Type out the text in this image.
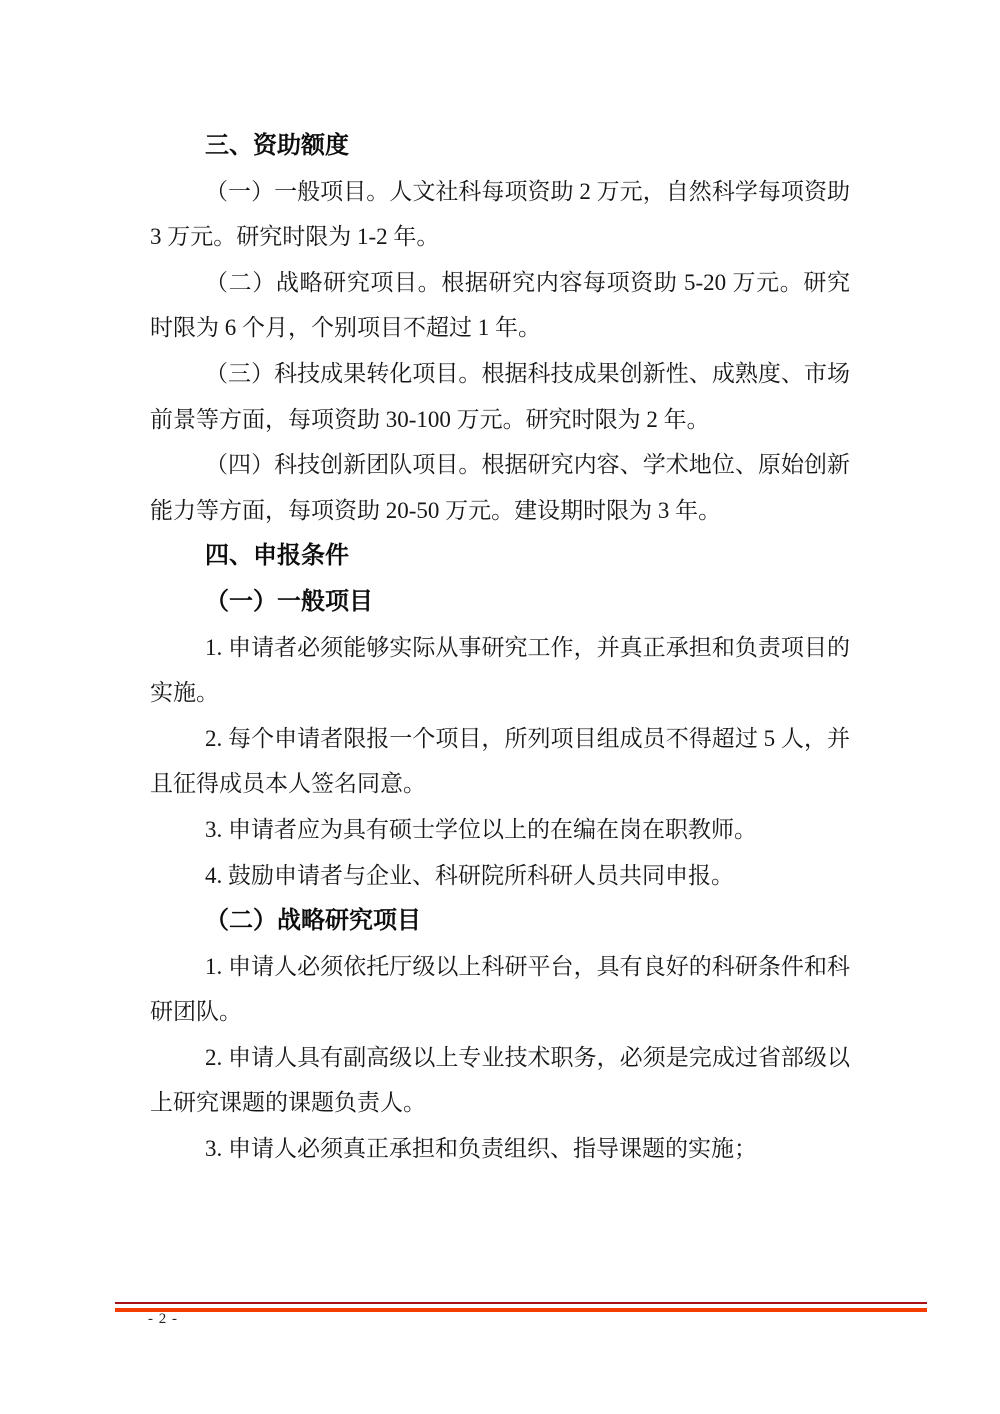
三、资助额度

（一）一般项目。人文社科每项资助 2 万元，自然科学每项资助 3 万元。研究时限为 1-2 年。

（二）战略研究项目。根据研究内容每项资助 5-20 万元。研究时限为 6 个月，个别项目不超过 1 年。

（三）科技成果转化项目。根据科技成果创新性、成熟度、市场前景等方面，每项资助 30-100 万元。研究时限为 2 年。

（四）科技创新团队项目。根据研究内容、学术地位、原始创新能力等方面，每项资助 20-50 万元。建设期时限为 3 年。

四、申报条件
（一）一般项目

1. 申请者必须能够实际从事研究工作，并真正承担和负责项目的实施。

2. 每个申请者限报一个项目，所列项目组成员不得超过 5 人，并且征得成员本人签名同意。

3. 申请者应为具有硕士学位以上的在编在岗在职教师。

4. 鼓励申请者与企业、科研院所科研人员共同申报。

（二）战略研究项目

1. 申请人必须依托厅级以上科研平台，具有良好的科研条件和科研团队。

2. 申请人具有副高级以上专业技术职务，必须是完成过省部级以上研究课题的课题负责人。

3. 申请人必须真正承担和负责组织、指导课题的实施；

- 2 -
